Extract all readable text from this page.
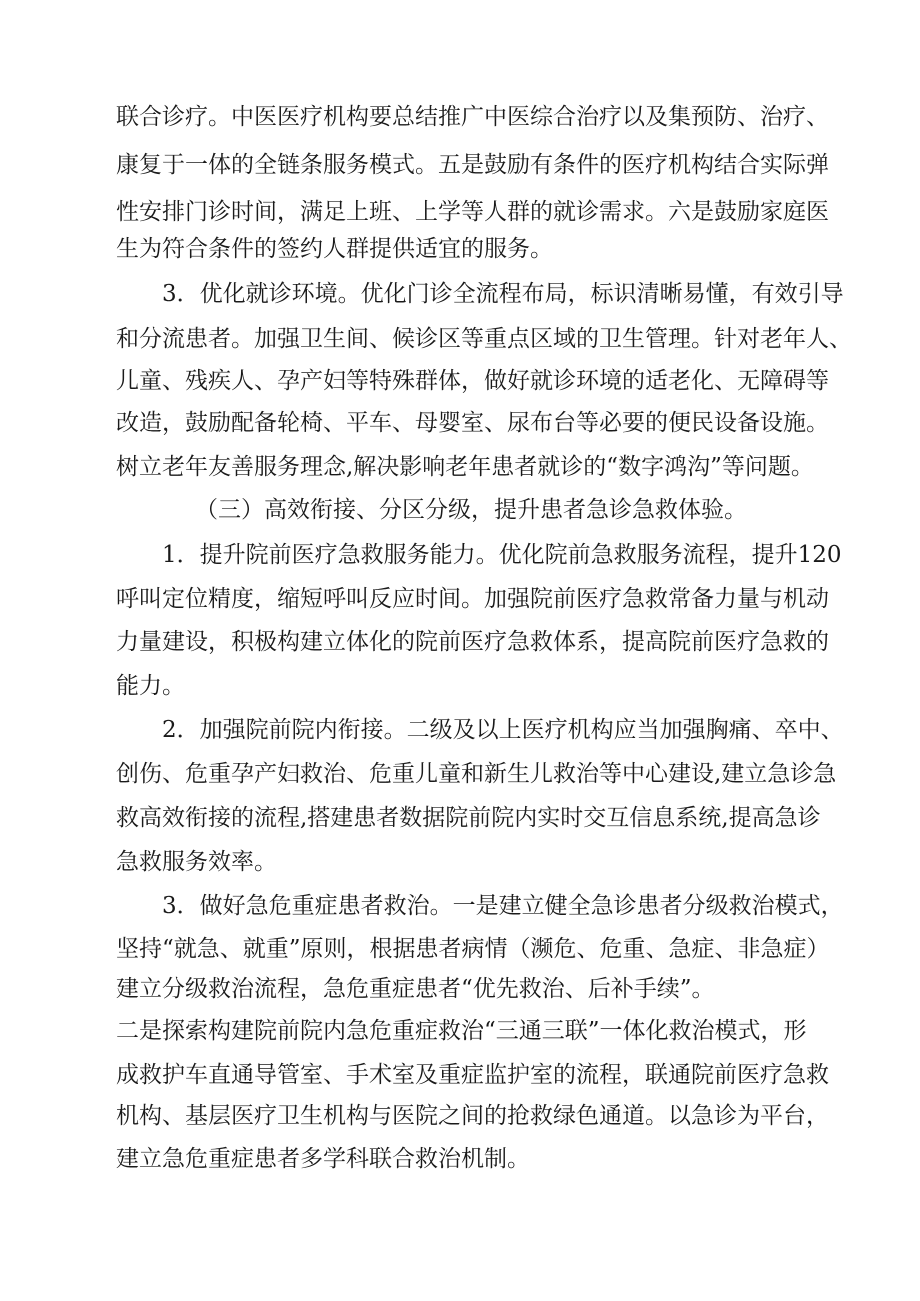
联合诊疗。中医医疗机构要总结推广中医综合治疗以及集预防、治疗、
康复于一体的全链条服务模式。五是鼓励有条件的医疗机构结合实际弹
性安排门诊时间，满足上班、上学等人群的就诊需求。六是鼓励家庭医
生为符合条件的签约人群提供适宜的服务。
3．优化就诊环境。优化门诊全流程布局，标识清晰易懂，有效引导
和分流患者。加强卫生间、候诊区等重点区域的卫生管理。针对老年人、
儿童、残疾人、孕产妇等特殊群体，做好就诊环境的适老化、无障碍等
改造，鼓励配备轮椅、平车、母婴室、尿布台等必要的便民设备设施。
树立老年友善服务理念,解决影响老年患者就诊的“数字鸿沟”等问题。
（三）高效衔接、分区分级，提升患者急诊急救体验。
1．提升院前医疗急救服务能力。优化院前急救服务流程，提升120
呼叫定位精度，缩短呼叫反应时间。加强院前医疗急救常备力量与机动
力量建设，积极构建立体化的院前医疗急救体系，提高院前医疗急救的
能力。
2．加强院前院内衔接。二级及以上医疗机构应当加强胸痛、卒中、
创伤、危重孕产妇救治、危重儿童和新生儿救治等中心建设,建立急诊急
救高效衔接的流程,搭建患者数据院前院内实时交互信息系统,提高急诊
急救服务效率。
3．做好急危重症患者救治。一是建立健全急诊患者分级救治模式，
坚持“就急、就重”原则，根据患者病情（濒危、危重、急症、非急症）
建立分级救治流程，急危重症患者“优先救治、后补手续”。
二是探索构建院前院内急危重症救治“三通三联”一体化救治模式，形
成救护车直通导管室、手术室及重症监护室的流程，联通院前医疗急救
机构、基层医疗卫生机构与医院之间的抢救绿色通道。以急诊为平台，
建立急危重症患者多学科联合救治机制。
